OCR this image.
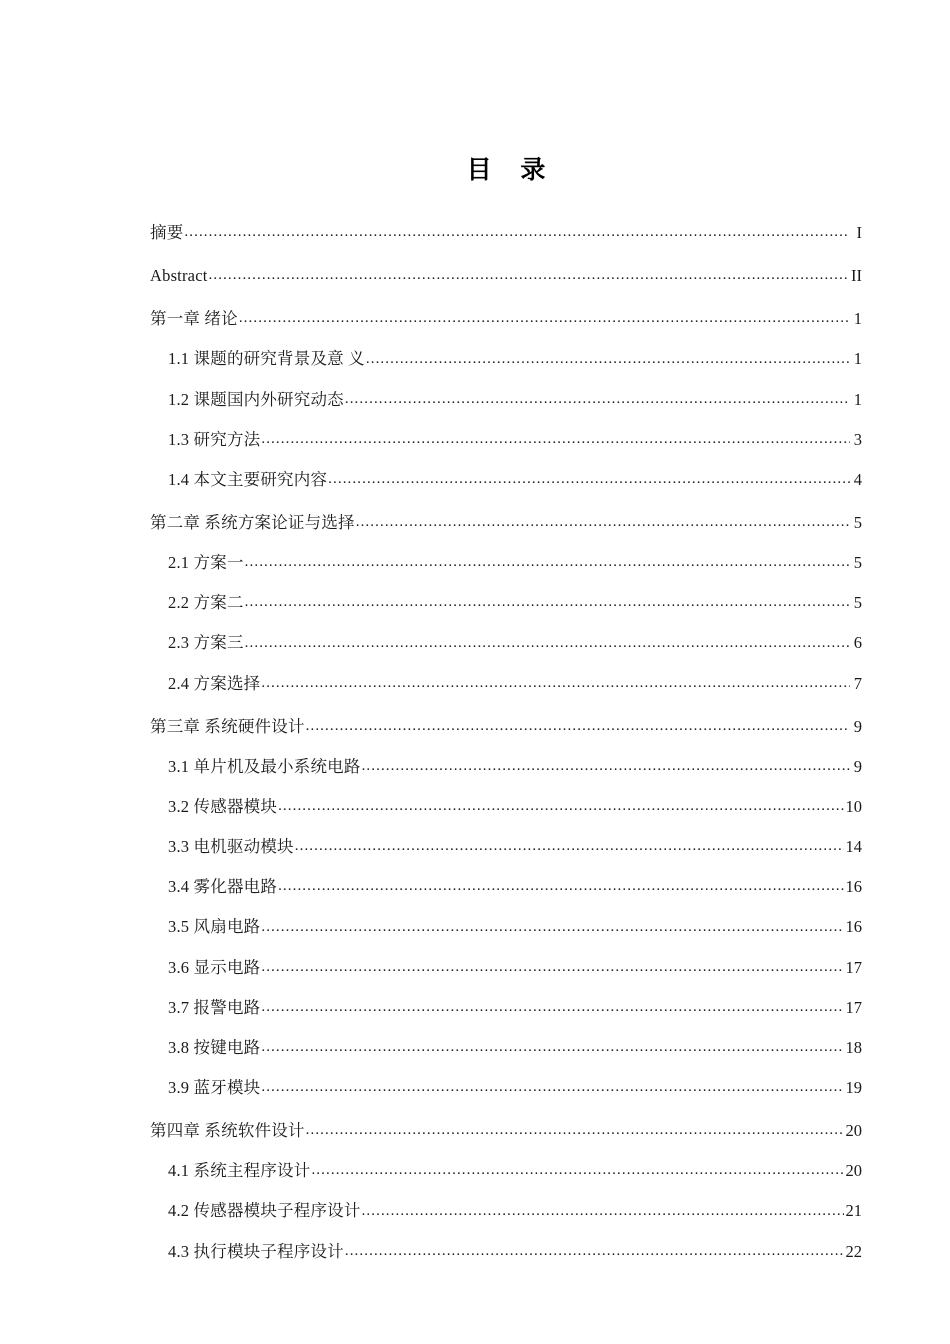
目 录
摘要 .....	I
Abstract .....	II
第一章 绪论 .....	1
1.1 课题的研究背景及意 义 .....	1
1.2 课题国内外研究动态 .....	1
1.3 研究方法 .....	3
1.4 本文主要研究内容 .....	4
第二章 系统方案论证与选择 .....	5
2.1 方案一 .....	5
2.2 方案二 .....	5
2.3 方案三 .....	6
2.4 方案选择 .....	7
第三章 系统硬件设计 .....	9
3.1 单片机及最小系统电路 .....	9
3.2 传感器模块 .....	10
3.3 电机驱动模块 .....	14
3.4 雾化器电路 .....	16
3.5 风扇电路 .....	16
3.6 显示电路 .....	17
3.7 报警电路 .....	17
3.8 按键电路 .....	18
3.9 蓝牙模块 .....	19
第四章 系统软件设计 .....	20
4.1 系统主程序设计 .....	20
4.2 传感器模块子程序设计 .....	21
4.3 执行模块子程序设计 .....	22
